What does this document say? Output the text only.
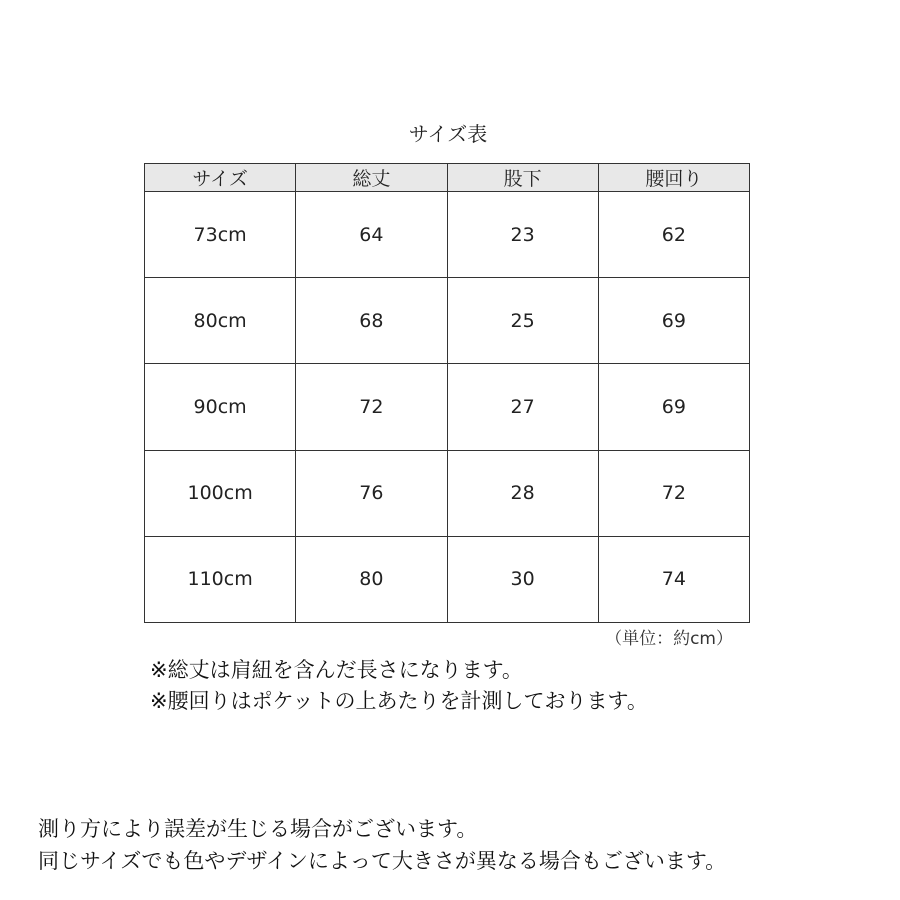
サイズ表
サイズ	総丈	股下	腰回り
73cm	64	23	62
80cm	68	25	69
90cm	72	27	69
100cm	76	28	72
110cm	80	30	74
（単位：約cm）
※総丈は肩紐を含んだ長さになります。
※腰回りはポケットの上あたりを計測しております。
測り方により誤差が生じる場合がございます。
同じサイズでも色やデザインによって大きさが異なる場合もございます。
